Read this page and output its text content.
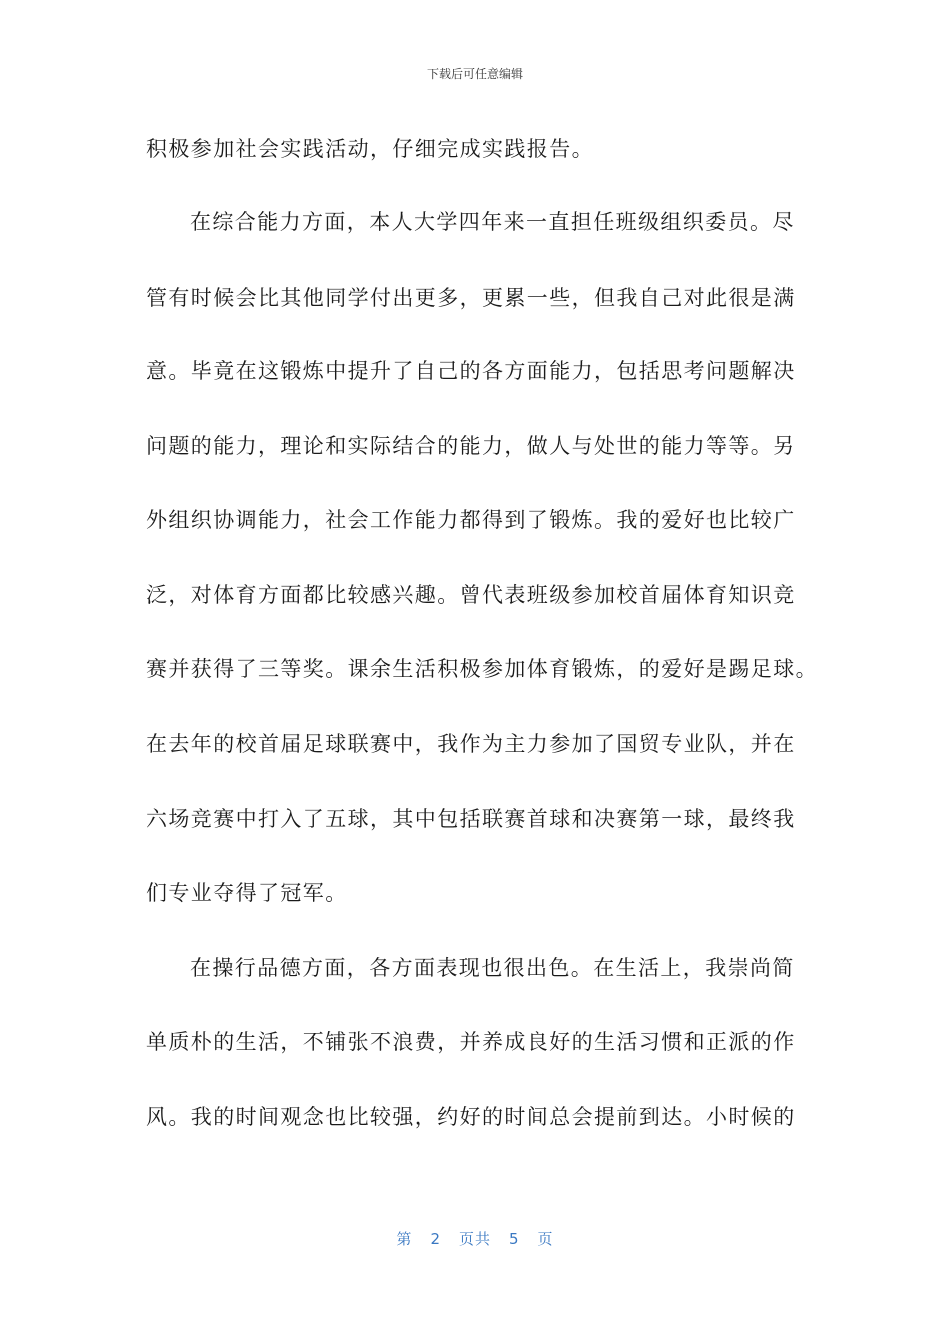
下载后可任意编辑
积极参加社会实践活动，仔细完成实践报告。
在综合能力方面，本人大学四年来一直担任班级组织委员。尽
管有时候会比其他同学付出更多，更累一些，但我自己对此很是满
意。毕竟在这锻炼中提升了自己的各方面能力，包括思考问题解决
问题的能力，理论和实际结合的能力，做人与处世的能力等等。另
外组织协调能力，社会工作能力都得到了锻炼。我的爱好也比较广
泛，对体育方面都比较感兴趣。曾代表班级参加校首届体育知识竞
赛并获得了三等奖。课余生活积极参加体育锻炼，的爱好是踢足球。
在去年的校首届足球联赛中，我作为主力参加了国贸专业队，并在
六场竞赛中打入了五球，其中包括联赛首球和决赛第一球，最终我
们专业夺得了冠军。
在操行品德方面，各方面表现也很出色。在生活上，我崇尚简
单质朴的生活，不铺张不浪费，并养成良好的生活习惯和正派的作
风。我的时间观念也比较强，约好的时间总会提前到达。小时候的
第 2 页共 5 页
